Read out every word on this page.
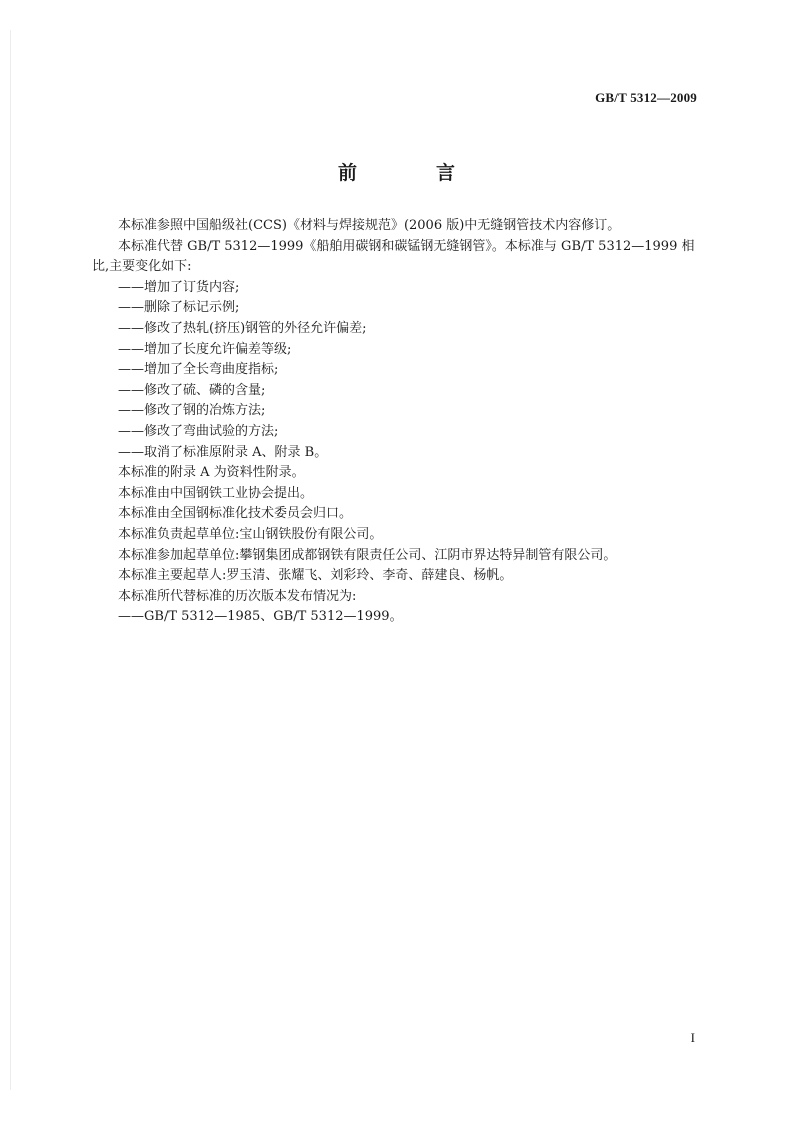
GB/T 5312—2009
前　言

本标准参照中国船级社(CCS)《材料与焊接规范》(2006 版)中无缝钢管技术内容修订。

本标准代替 GB/T 5312—1999《船舶用碳钢和碳锰钢无缝钢管》。本标准与 GB/T 5312—1999 相

比,主要变化如下:

——增加了订货内容;

——删除了标记示例;

——修改了热轧(挤压)钢管的外径允许偏差;

——增加了长度允许偏差等级;

——增加了全长弯曲度指标;

——修改了硫、磷的含量;

——修改了钢的冶炼方法;

——修改了弯曲试验的方法;

——取消了标准原附录 A、附录 B。

本标准的附录 A 为资料性附录。

本标准由中国钢铁工业协会提出。

本标准由全国钢标准化技术委员会归口。

本标准负责起草单位:宝山钢铁股份有限公司。

本标准参加起草单位:攀钢集团成都钢铁有限责任公司、江阴市界达特异制管有限公司。

本标准主要起草人:罗玉清、张耀飞、刘彩玲、李奇、薛建良、杨帆。

本标准所代替标准的历次版本发布情况为:

——GB/T 5312—1985、GB/T 5312—1999。

I
